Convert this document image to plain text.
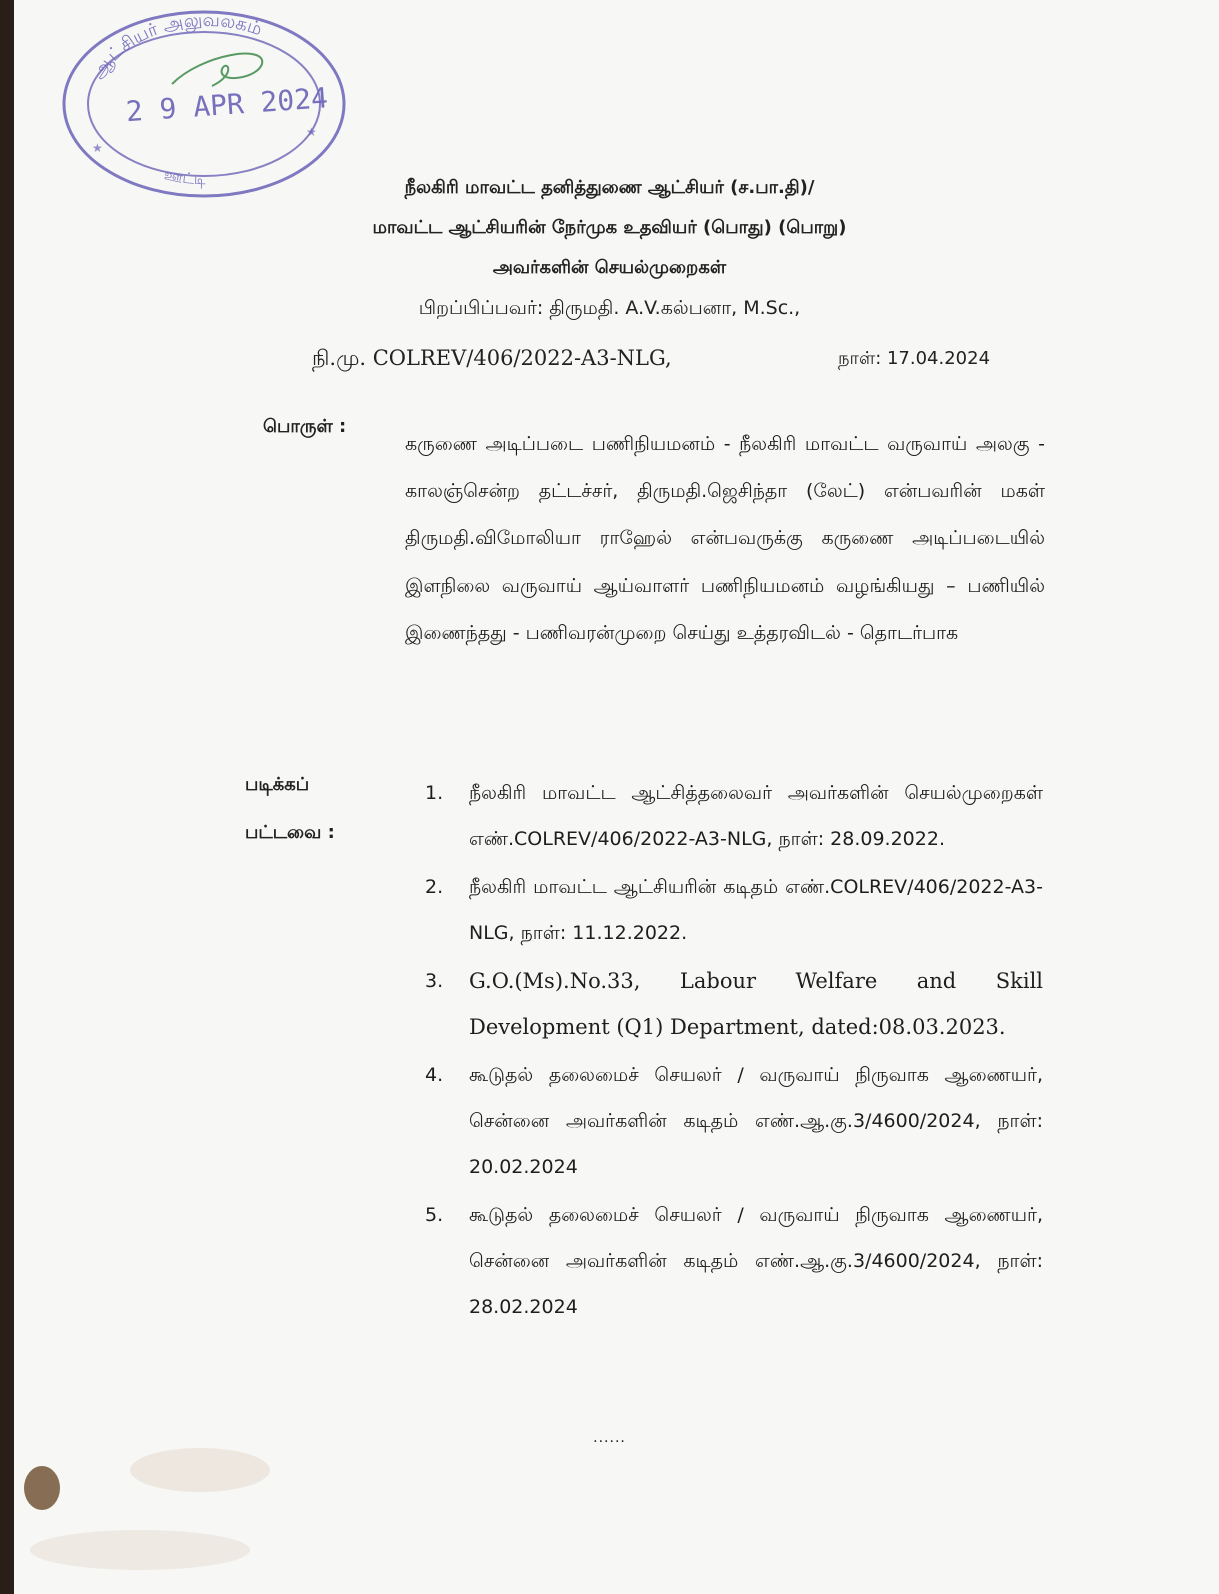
ஆட்சியர் அலுவலகம்
2 9 APR 2024
ஊட்டி
★
★
நீலகிரி மாவட்ட தனித்துணை ஆட்சியர் (ச.பா.தி)/
மாவட்ட ஆட்சியரின் நேர்முக உதவியர் (பொது) (பொறு)
அவர்களின் செயல்முறைகள்
பிறப்பிப்பவர்: திருமதி. A.V.கல்பனா, M.Sc.,
நி.மு. COLREV/406/2022-A3-NLG,	நாள்: 17.04.2024
பொருள் :
கருணை அடிப்படை பணிநியமனம் - நீலகிரி மாவட்ட வருவாய் அலகு - காலஞ்சென்ற தட்டச்சர், திருமதி.ஜெசிந்தா (லேட்) என்பவரின் மகள் திருமதி.விமோலியா ராஹேல் என்பவருக்கு கருணை அடிப்படையில் இளநிலை வருவாய் ஆய்வாளர் பணிநியமனம் வழங்கியது – பணியில் இணைந்தது - பணிவரன்முறை செய்து உத்தரவிடல் - தொடர்பாக
படிக்கப்
பட்டவை :
1. நீலகிரி மாவட்ட ஆட்சித்தலைவர் அவர்களின் செயல்முறைகள் எண்.COLREV/406/2022-A3-NLG, நாள்: 28.09.2022.
2. நீலகிரி மாவட்ட ஆட்சியரின் கடிதம் எண்.COLREV/406/2022-A3-NLG, நாள்: 11.12.2022.
3. G.O.(Ms).No.33, Labour Welfare and Skill Development (Q1) Department, dated:08.03.2023.
4. கூடுதல் தலைமைச் செயலர் / வருவாய் நிருவாக ஆணையர், சென்னை அவர்களின் கடிதம் எண்.ஆ.கு.3/4600/2024, நாள்: 20.02.2024
5. கூடுதல் தலைமைச் செயலர் / வருவாய் நிருவாக ஆணையர், சென்னை அவர்களின் கடிதம் எண்.ஆ.கு.3/4600/2024, நாள்: 28.02.2024
......
